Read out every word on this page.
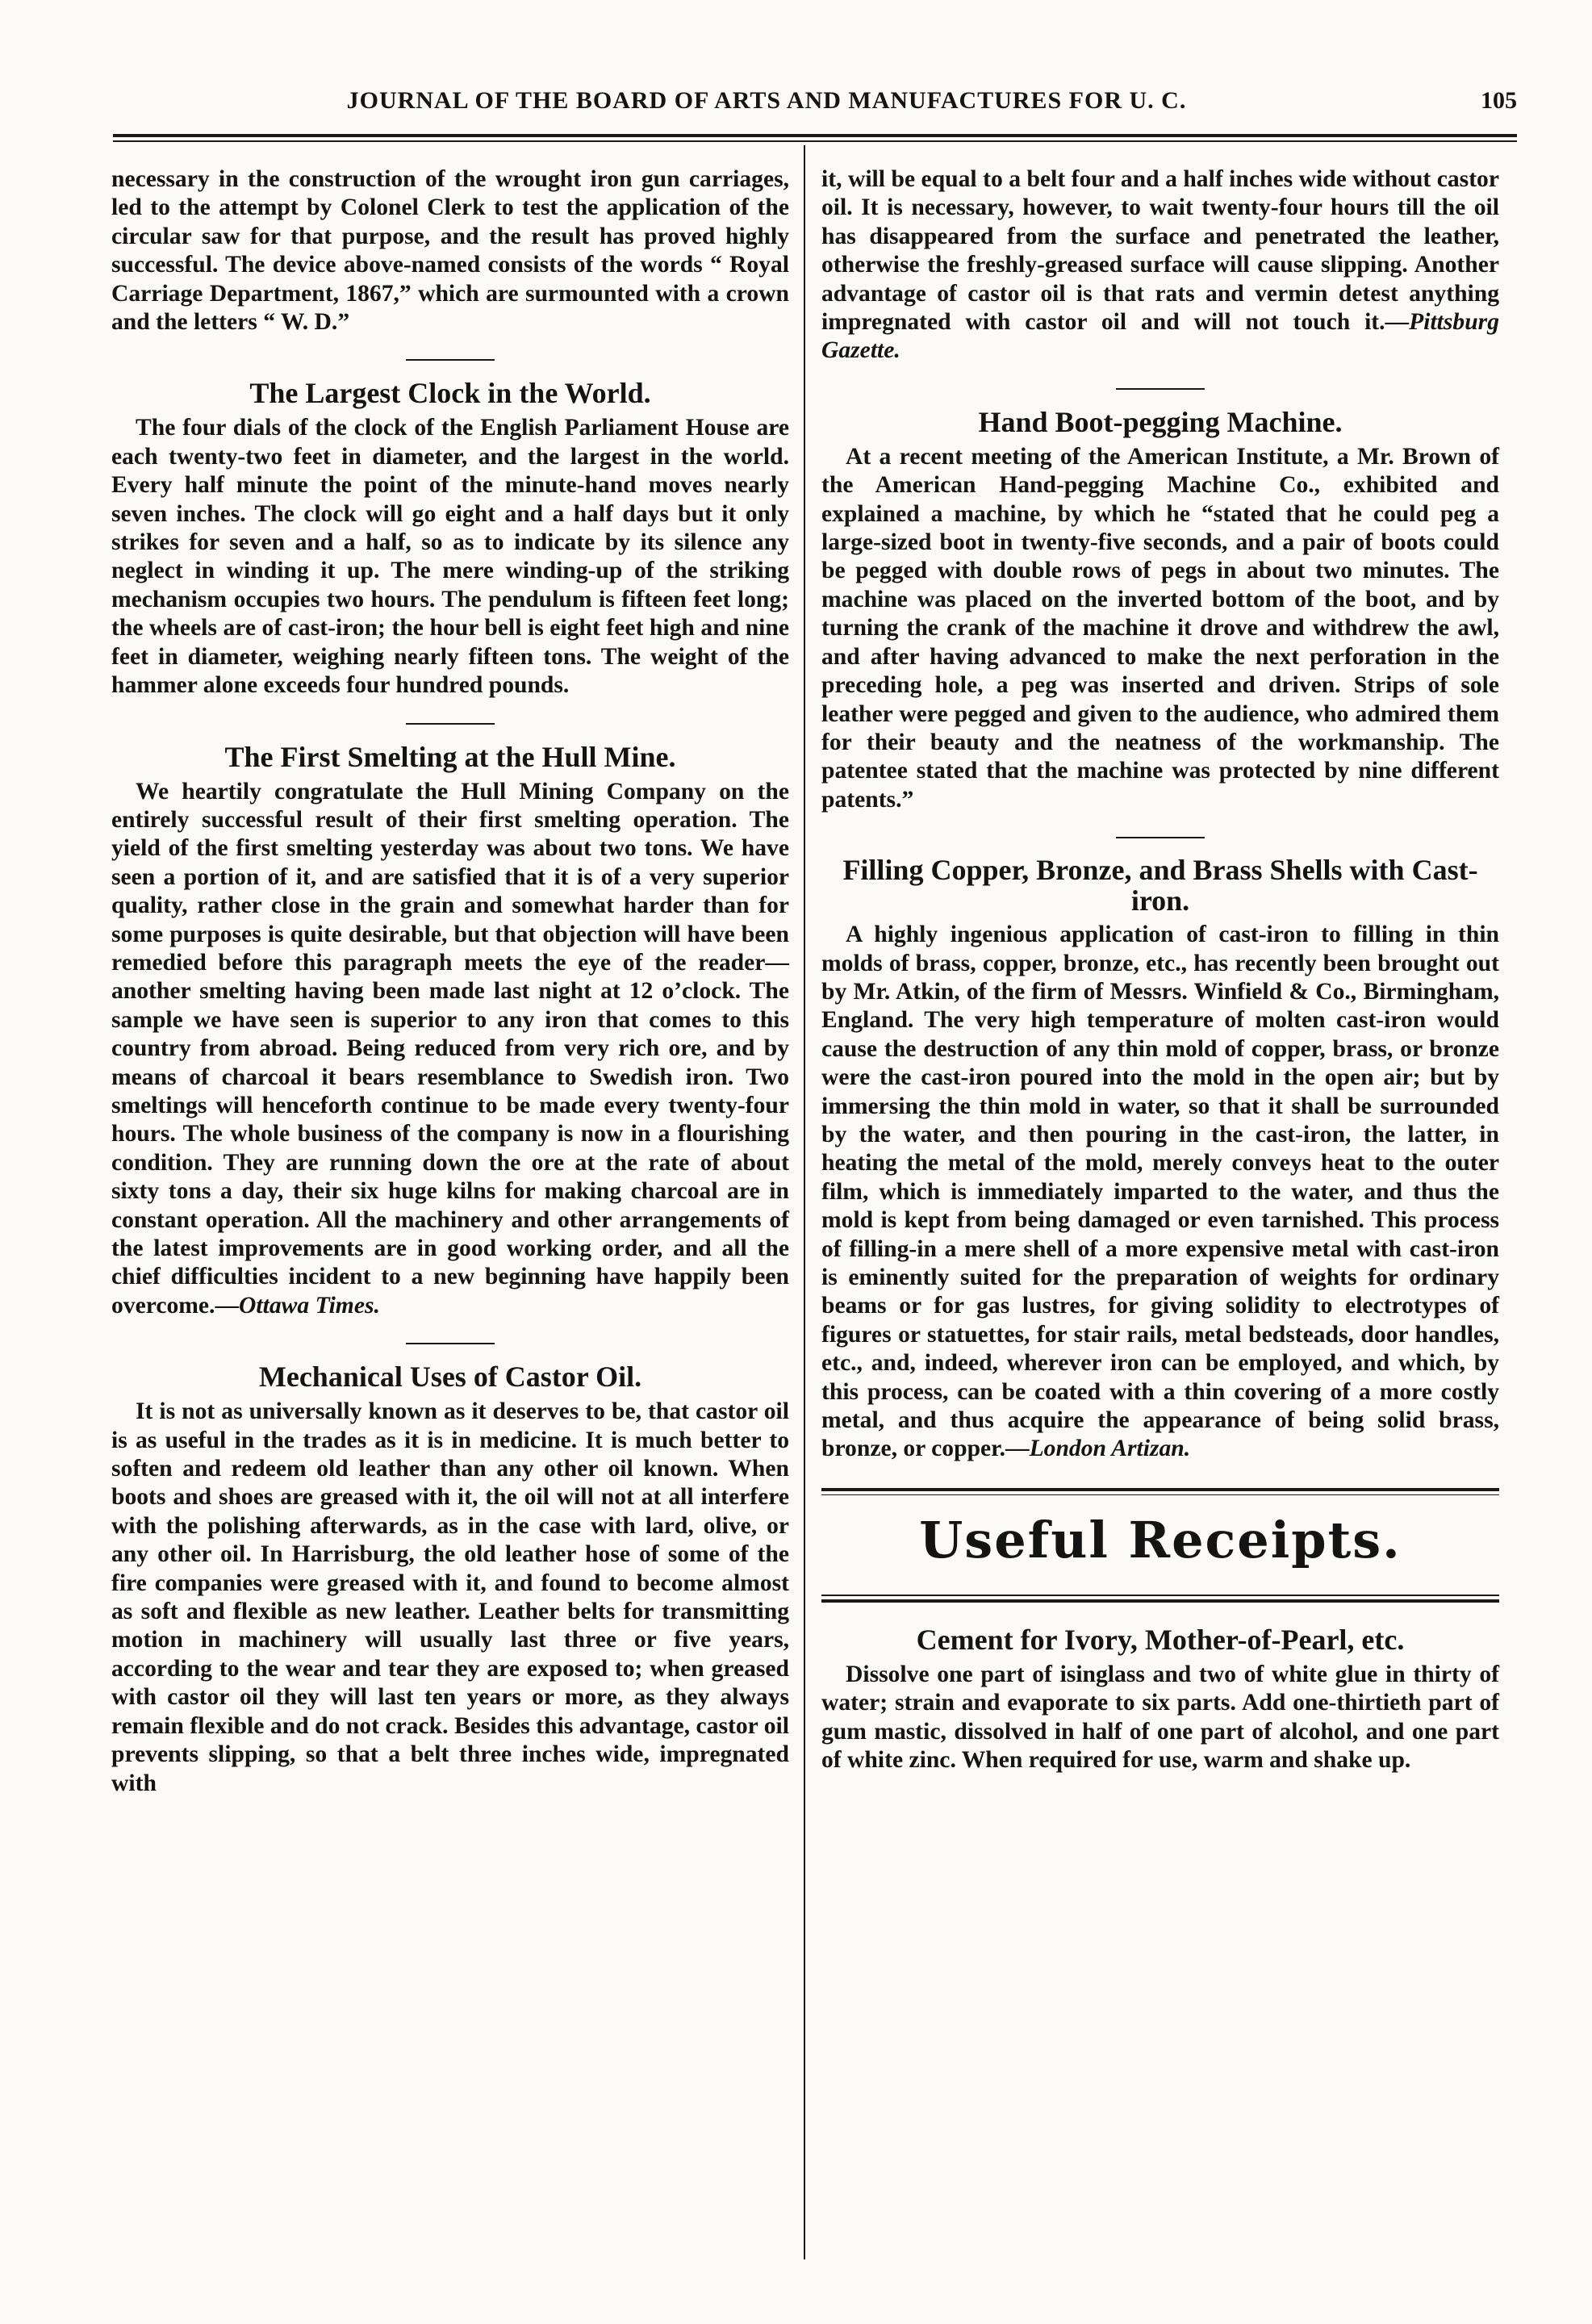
JOURNAL OF THE BOARD OF ARTS AND MANUFACTURES FOR U. C.	105

necessary in the construction of the wrought iron gun carriages, led to the attempt by Colonel Clerk to test the application of the circular saw for that purpose, and the result has proved highly successful. The device above-named consists of the words “ Royal Carriage Department, 1867,” which are surmounted with a crown and the letters “ W. D.”

The Largest Clock in the World.

The four dials of the clock of the English Parliament House are each twenty-two feet in diameter, and the largest in the world. Every half minute the point of the minute-hand moves nearly seven inches. The clock will go eight and a half days but it only strikes for seven and a half, so as to indicate by its silence any neglect in winding it up. The mere winding-up of the striking mechanism occupies two hours. The pendulum is fifteen feet long; the wheels are of cast-iron; the hour bell is eight feet high and nine feet in diameter, weighing nearly fifteen tons. The weight of the hammer alone exceeds four hundred pounds.

The First Smelting at the Hull Mine.

We heartily congratulate the Hull Mining Company on the entirely successful result of their first smelting operation. The yield of the first smelting yesterday was about two tons. We have seen a portion of it, and are satisfied that it is of a very superior quality, rather close in the grain and somewhat harder than for some purposes is quite desirable, but that objection will have been remedied before this paragraph meets the eye of the reader—another smelting having been made last night at 12 o’clock. The sample we have seen is superior to any iron that comes to this country from abroad. Being reduced from very rich ore, and by means of charcoal it bears resemblance to Swedish iron. Two smeltings will henceforth continue to be made every twenty-four hours. The whole business of the company is now in a flourishing condition. They are running down the ore at the rate of about sixty tons a day, their six huge kilns for making charcoal are in constant operation. All the machinery and other arrangements of the latest improvements are in good working order, and all the chief difficulties incident to a new beginning have happily been overcome.—Ottawa Times.

Mechanical Uses of Castor Oil.

It is not as universally known as it deserves to be, that castor oil is as useful in the trades as it is in medicine. It is much better to soften and redeem old leather than any other oil known. When boots and shoes are greased with it, the oil will not at all interfere with the polishing afterwards, as in the case with lard, olive, or any other oil. In Harrisburg, the old leather hose of some of the fire companies were greased with it, and found to become almost as soft and flexible as new leather. Leather belts for transmitting motion in machinery will usually last three or five years, according to the wear and tear they are exposed to; when greased with castor oil they will last ten years or more, as they always remain flexible and do not crack. Besides this advantage, castor oil prevents slipping, so that a belt three inches wide, impregnated with

it, will be equal to a belt four and a half inches wide without castor oil. It is necessary, however, to wait twenty-four hours till the oil has disappeared from the surface and penetrated the leather, otherwise the freshly-greased surface will cause slipping. Another advantage of castor oil is that rats and vermin detest anything impregnated with castor oil and will not touch it.—Pittsburg Gazette.

Hand Boot-pegging Machine.

At a recent meeting of the American Institute, a Mr. Brown of the American Hand-pegging Machine Co., exhibited and explained a machine, by which he “stated that he could peg a large-sized boot in twenty-five seconds, and a pair of boots could be pegged with double rows of pegs in about two minutes. The machine was placed on the inverted bottom of the boot, and by turning the crank of the machine it drove and withdrew the awl, and after having advanced to make the next perforation in the preceding hole, a peg was inserted and driven. Strips of sole leather were pegged and given to the audience, who admired them for their beauty and the neatness of the workmanship. The patentee stated that the machine was protected by nine different patents.”

Filling Copper, Bronze, and Brass Shells with Cast-iron.

A highly ingenious application of cast-iron to filling in thin molds of brass, copper, bronze, etc., has recently been brought out by Mr. Atkin, of the firm of Messrs. Winfield & Co., Birmingham, England. The very high temperature of molten cast-iron would cause the destruction of any thin mold of copper, brass, or bronze were the cast-iron poured into the mold in the open air; but by immersing the thin mold in water, so that it shall be surrounded by the water, and then pouring in the cast-iron, the latter, in heating the metal of the mold, merely conveys heat to the outer film, which is immediately imparted to the water, and thus the mold is kept from being damaged or even tarnished. This process of filling-in a mere shell of a more expensive metal with cast-iron is eminently suited for the preparation of weights for ordinary beams or for gas lustres, for giving solidity to electrotypes of figures or statuettes, for stair rails, metal bedsteads, door handles, etc., and, indeed, wherever iron can be employed, and which, by this process, can be coated with a thin covering of a more costly metal, and thus acquire the appearance of being solid brass, bronze, or copper.—London Artizan.

Useful Receipts.
Cement for Ivory, Mother-of-Pearl, etc.

Dissolve one part of isinglass and two of white glue in thirty of water; strain and evaporate to six parts. Add one-thirtieth part of gum mastic, dissolved in half of one part of alcohol, and one part of white zinc. When required for use, warm and shake up.
